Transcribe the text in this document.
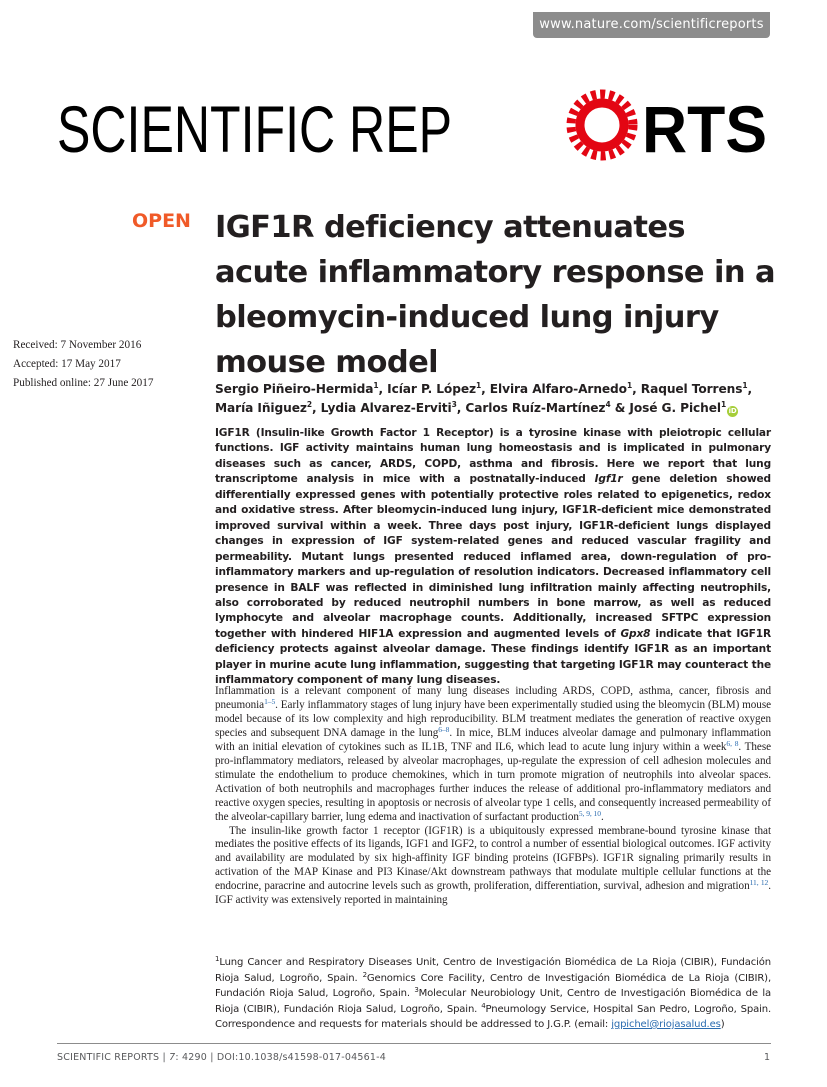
www.nature.com/scientificreports
SCIENTIFIC REP	RTS
OPEN IGF1R deficiency attenuates acute inflammatory response in a bleomycin-induced lung injury mouse model
Received: 7 November 2016
Accepted: 17 May 2017
Published online: 27 June 2017	Sergio Piñeiro-Hermida$^1$, Icíar P. López$^1$, Elvira Alfaro-Arnedo$^1$, Raquel Torrens$^1$, María Iñiguez$^2$, Lydia Alvarez-Erviti$^3$, Carlos Ruíz-Martínez$^4$ & José G. Pichel$^1$iD

IGF1R (Insulin-like Growth Factor 1 Receptor) is a tyrosine kinase with pleiotropic cellular functions. IGF activity maintains human lung homeostasis and is implicated in pulmonary diseases such as cancer, ARDS, COPD, asthma and fibrosis. Here we report that lung transcriptome analysis in mice with a postnatally-induced Igf1r gene deletion showed differentially expressed genes with potentially protective roles related to epigenetics, redox and oxidative stress. After bleomycin-induced lung injury, IGF1R-deficient mice demonstrated improved survival within a week. Three days post injury, IGF1R-deficient lungs displayed changes in expression of IGF system-related genes and reduced vascular fragility and permeability. Mutant lungs presented reduced inflamed area, down-regulation of pro-inflammatory markers and up-regulation of resolution indicators. Decreased inflammatory cell presence in BALF was reflected in diminished lung infiltration mainly affecting neutrophils, also corroborated by reduced neutrophil numbers in bone marrow, as well as reduced lymphocyte and alveolar macrophage counts. Additionally, increased SFTPC expression together with hindered HIF1A expression and augmented levels of Gpx8 indicate that IGF1R deficiency protects against alveolar damage. These findings identify IGF1R as an important player in murine acute lung inflammation, suggesting that targeting IGF1R may counteract the inflammatory component of many lung diseases.

Inflammation is a relevant component of many lung diseases including ARDS, COPD, asthma, cancer, fibrosis and pneumonia$^{1-5}$. Early inflammatory stages of lung injury have been experimentally studied using the bleomycin (BLM) mouse model because of its low complexity and high reproducibility. BLM treatment mediates the generation of reactive oxygen species and subsequent DNA damage in the lung$^{6-8}$. In mice, BLM induces alveolar damage and pulmonary inflammation with an initial elevation of cytokines such as IL1B, TNF and IL6, which lead to acute lung injury within a week$^{6, 8}$. These pro-inflammatory mediators, released by alveolar macrophages, up-regulate the expression of cell adhesion molecules and stimulate the endothelium to produce chemokines, which in turn promote migration of neutrophils into alveolar spaces. Activation of both neutrophils and macrophages further induces the release of additional pro-inflammatory mediators and reactive oxygen species, resulting in apoptosis or necrosis of alveolar type 1 cells, and consequently increased permeability of the alveolar-capillary barrier, lung edema and inactivation of surfactant production$^{5, 9, 10}$.

The insulin-like growth factor 1 receptor (IGF1R) is a ubiquitously expressed membrane-bound tyrosine kinase that mediates the positive effects of its ligands, IGF1 and IGF2, to control a number of essential biological outcomes. IGF activity and availability are modulated by six high-affinity IGF binding proteins (IGFBPs). IGF1R signaling primarily results in activation of the MAP Kinase and PI3 Kinase/Akt downstream pathways that modulate multiple cellular functions at the endocrine, paracrine and autocrine levels such as growth, proliferation, differentiation, survival, adhesion and migration$^{11, 12}$. IGF activity was extensively reported in maintaining

$^1$Lung Cancer and Respiratory Diseases Unit, Centro de Investigación Biomédica de La Rioja (CIBIR), Fundación Rioja Salud, Logroño, Spain. $^2$Genomics Core Facility, Centro de Investigación Biomédica de La Rioja (CIBIR), Fundación Rioja Salud, Logroño, Spain. $^3$Molecular Neurobiology Unit, Centro de Investigación Biomédica de la Rioja (CIBIR), Fundación Rioja Salud, Logroño, Spain. $^4$Pneumology Service, Hospital San Pedro, Logroño, Spain. Correspondence and requests for materials should be addressed to J.G.P. (email: jgpichel@riojasalud.es)
SCIENTIFIC REPORTS | 7: 4290 | DOI:10.1038/s41598-017-04561-4	1
